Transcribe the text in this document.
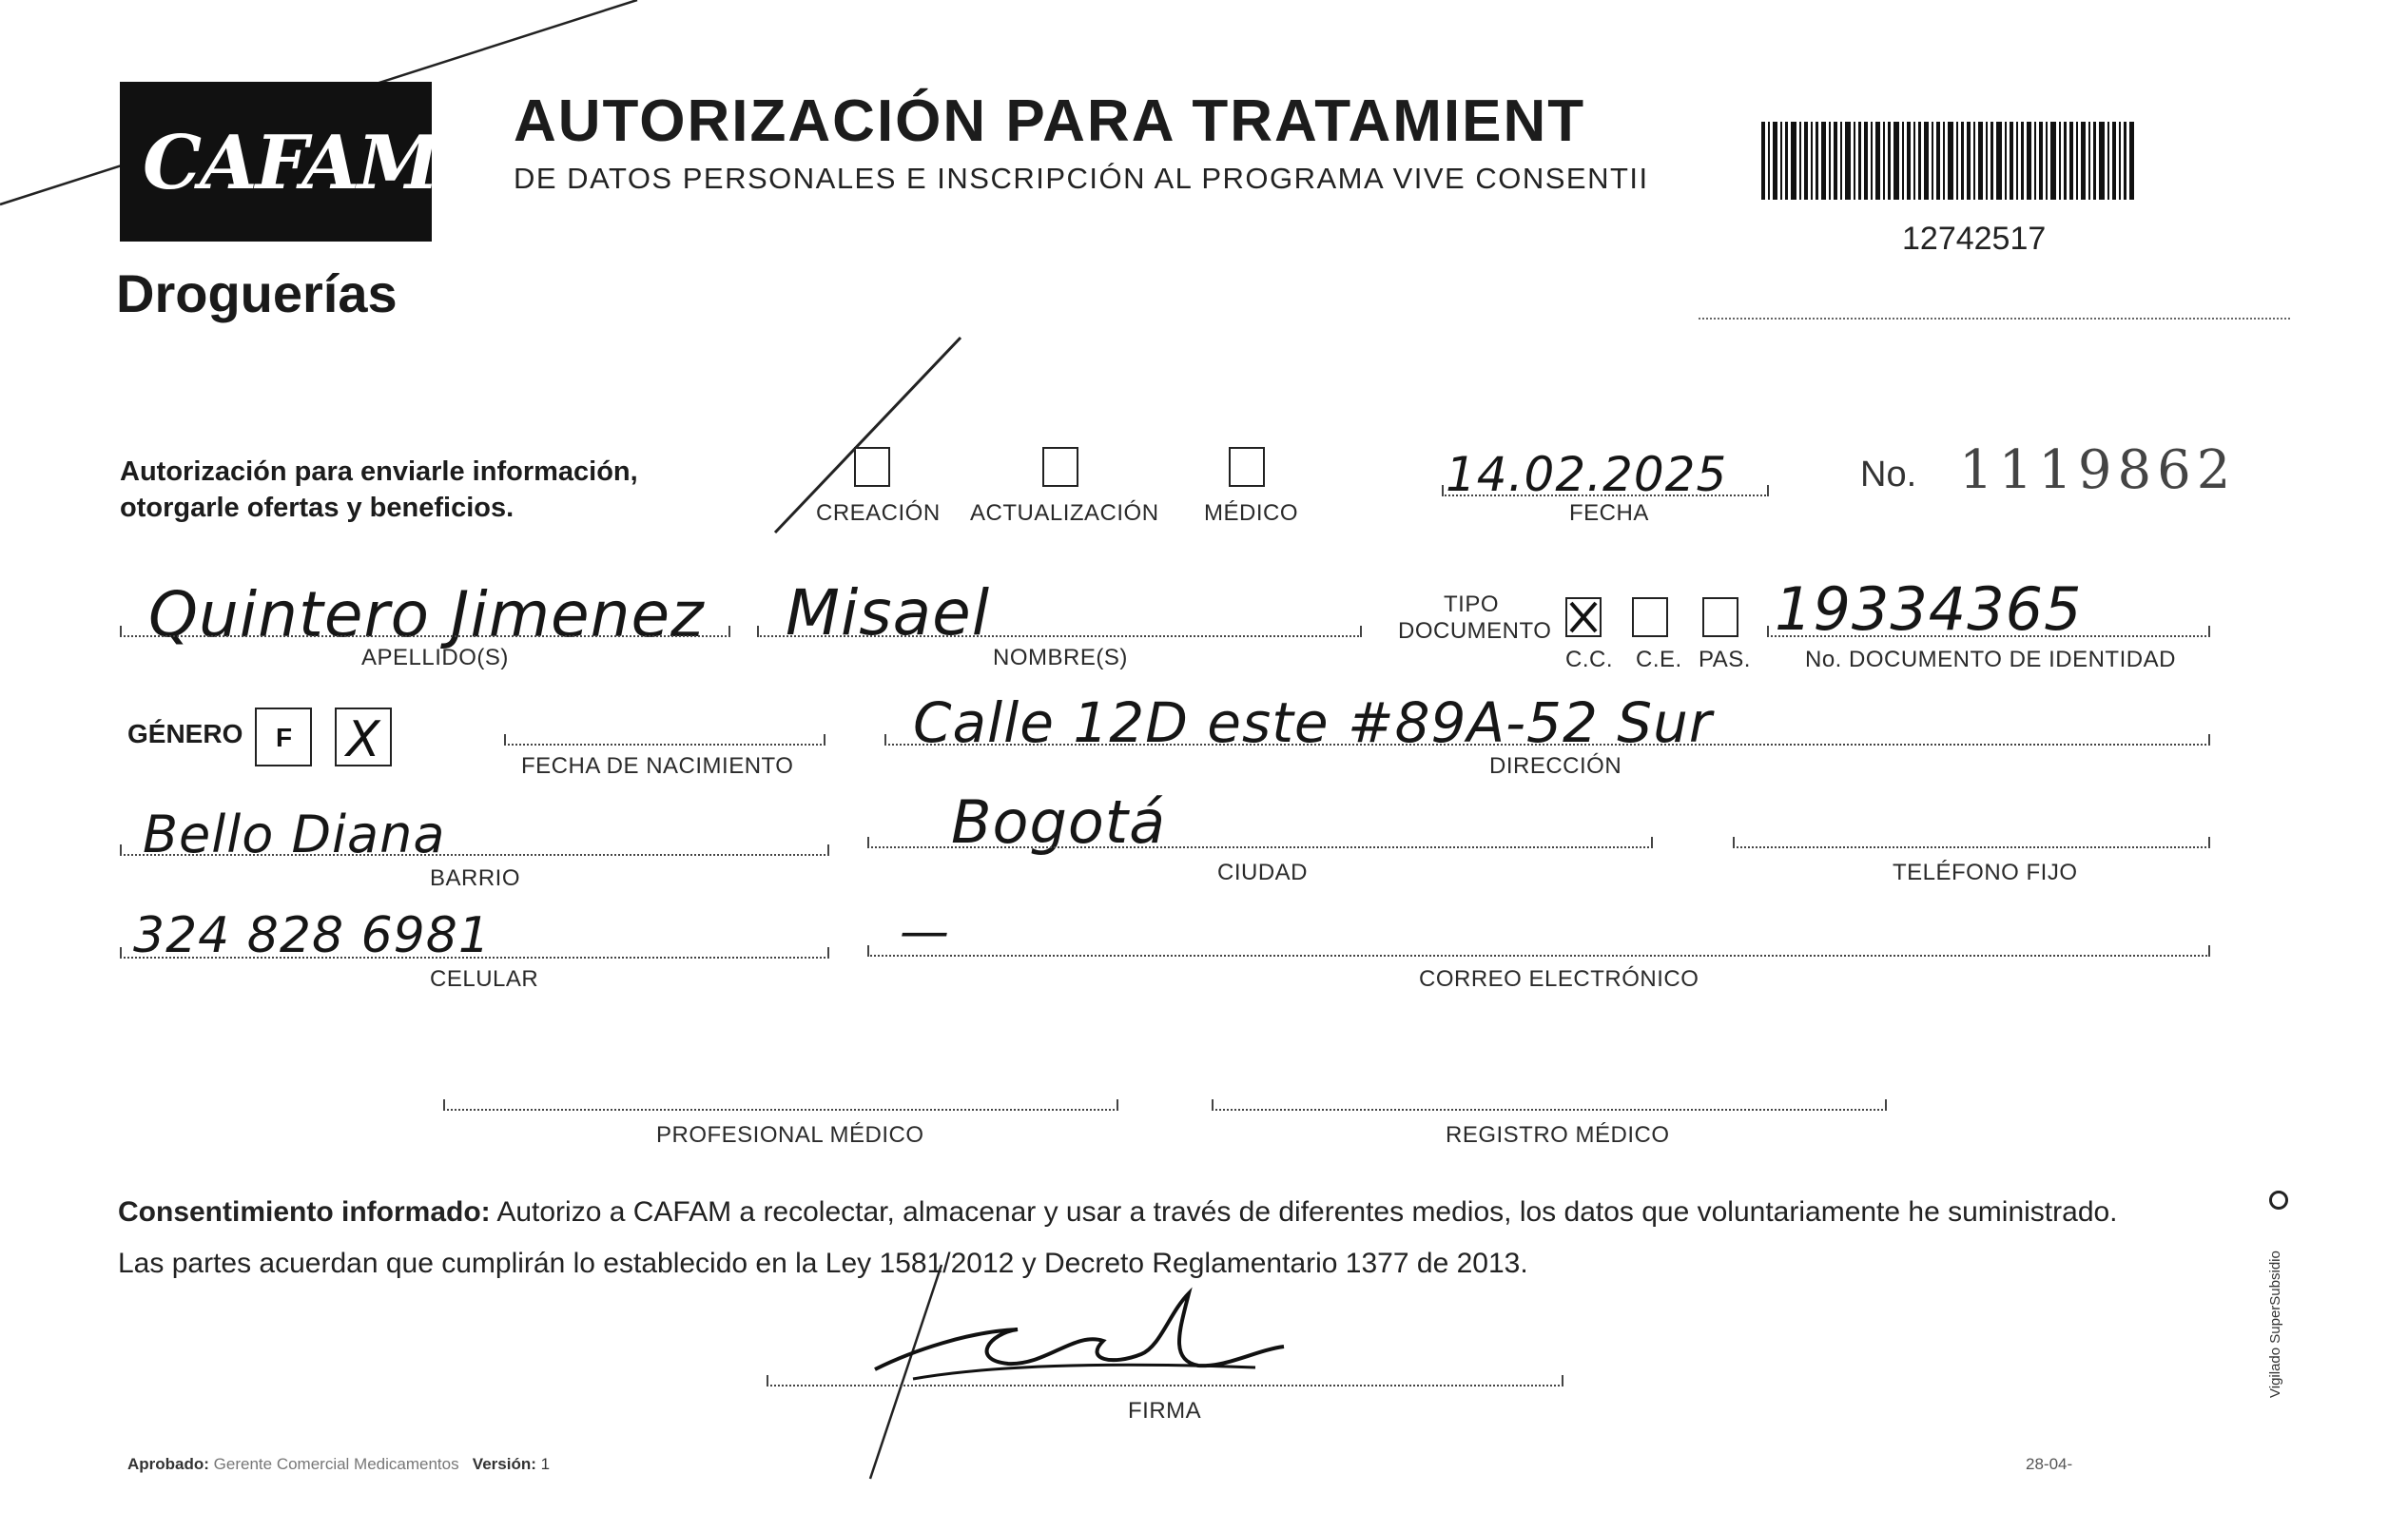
CAFAM
Droguerías
AUTORIZACIÓN PARA TRATAMIENT
DE DATOS PERSONALES E INSCRIPCIÓN AL PROGRAMA VIVE CONSENTII
12742517
Autorización para enviarle información,
otorgarle ofertas y beneficios.	CREACIÓN ACTUALIZACIÓN MÉDICO
14.02.2025
FECHA
No. 1119862
Quintero Jimenez
APELLIDO(S)
Misael
NOMBRE(S)
TIPO
DOCUMENTO
C.C. C.E. PAS.
19334365
No. DOCUMENTO DE IDENTIDAD
GÉNERO F X	FECHA DE NACIMIENTO
Calle 12D este #89A-52 Sur
DIRECCIÓN
Bello Diana
BARRIO
Bogotá
CIUDAD	TELÉFONO FIJO
324 828 6981
CELULAR
—
CORREO ELECTRÓNICO
PROFESIONAL MÉDICO	REGISTRO MÉDICO
Consentimiento informado: Autorizo a CAFAM a recolectar, almacenar y usar a través de diferentes medios, los datos que voluntariamente he suministrado.
Las partes acuerdan que cumplirán lo establecido en la Ley 1581/2012 y Decreto Reglamentario 1377 de 2013.
FIRMA
Aprobado: Gerente Comercial Medicamentos Versión: 1	28-04-
Vigilado SuperSubsidio
